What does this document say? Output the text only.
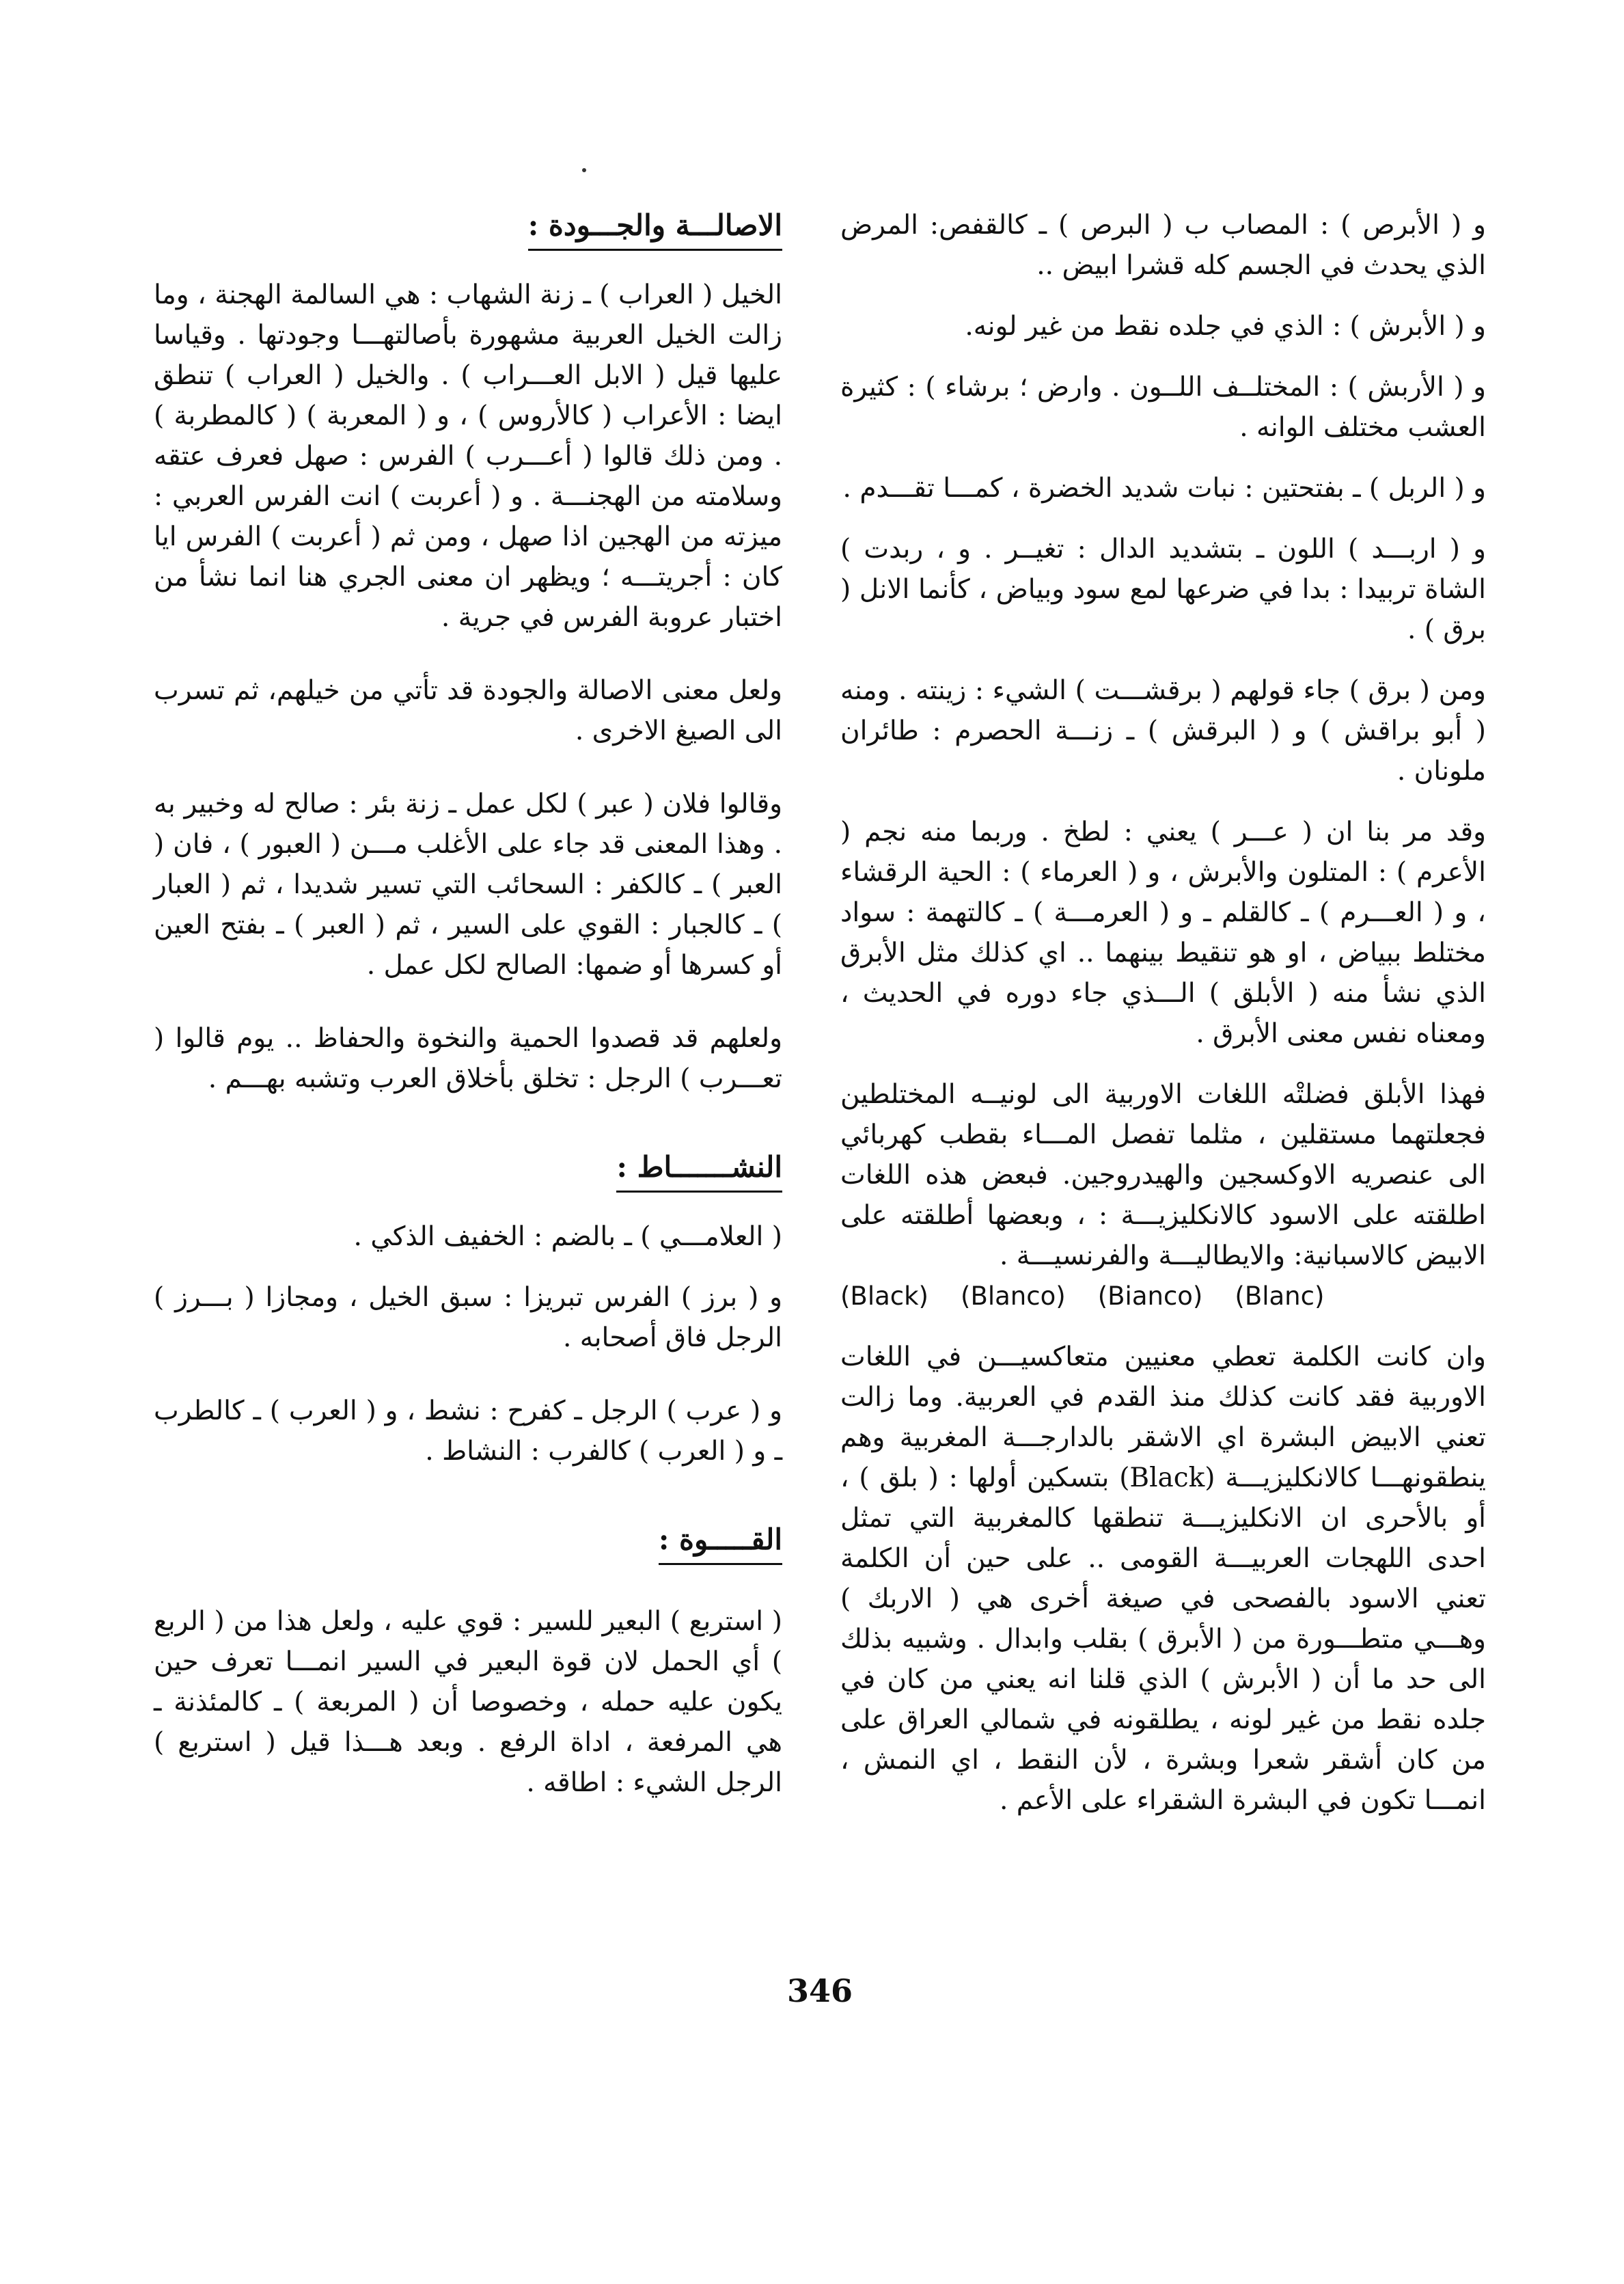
و ( الأبرص ) : المصاب ب ( البرص ) ـ كالقفص: المرض الذي يحدث في الجسم كله قشرا ابيض ..

و ( الأبرش ) : الذي في جلده نقط من غير لونه.

و ( الأربش ) : المختلــف اللــون . وارض ؛ برشاء ) : كثيرة العشب مختلف الوانه .

و ( الربل ) ـ بفتحتين : نبات شديد الخضرة ، كمـــا تقـــدم .

و ( اربـــد ) اللون ـ بتشديد الدال : تغيــر . و ، ربدت ) الشاة تربيدا : بدا في ضرعها لمع سود وبياض ، كأنما الانل ( برق ) .

ومن ( برق ) جاء قولهم ( برقشـــت ) الشيء : زينته . ومنه ( أبو براقش ) و ( البرقش ) ـ زنـــة الحصرم : طائران ملونان .

وقد مر بنا ان ( عـــر ) يعني : لطخ . وربما منه نجم ( الأعرم ) : المتلون والأبرش ، و ( العرماء ) : الحية الرقشاء ، و ( العـــرم ) ـ كالقلم ـ و ( العرمـــة ) ـ كالتهمة : سواد مختلط ببياض ، او هو تنقيط بينهما .. اي كذلك مثل الأبرق الذي نشأ منه ( الأبلق ) الـــذي جاء دوره في الحديث ، ومعناه نفس معنى الأبرق .

فهذا الأبلق فضلتْه اللغات الاوربية الى لونيــه المختلطين فجعلتهما مستقلين ، مثلما تفصل المـــاء بقطب كهربائي الى عنصريه الاوكسجين والهيدروجين. فبعض هذه اللغات اطلقته على الاسود كالانكليزيـــة : ، وبعضها أطلقته على الابيض كالاسبانية: والايطاليـــة والفرنسيـــة .

(Black) (Blanco) (Bianco) (Blanc)

وان كانت الكلمة تعطي معنيين متعاكسيـــن في اللغات الاوربية فقد كانت كذلك منذ القدم في العربية. وما زالت تعني الابيض البشرة اي الاشقر بالدارجـــة المغربية وهم ينطقونهـــا كالانكليزيـــة (Black) بتسكين أولها : ( بلق ) ، أو بالأحرى ان الانكليزيـــة تنطقها كالمغربية التي تمثل احدى اللهجات العربيـــة القومى .. على حين أن الكلمة تعني الاسود بالفصحى في صيغة أخرى هي ( الاربك ) وهـــي متطـــورة من ( الأبرق ) بقلب وابدال . وشبيه بذلك الى حد ما أن ( الأبرش ) الذي قلنا انه يعني من كان في جلده نقط من غير لونه ، يطلقونه في شمالي العراق على من كان أشقر شعرا وبشرة ، لأن النقط ، اي النمش ، انمـــا تكون في البشرة الشقراء على الأعم .

الاصالـــة والجـــودة :

الخيل ( العراب ) ـ زنة الشهاب : هي السالمة الهجنة ، وما زالت الخيل العربية مشهورة بأصالتهـــا وجودتها . وقياسا عليها قيل ( الابل العـــراب ) . والخيل ( العراب ) تنطق ايضا : الأعراب ( كالأروس ) ، و ( المعربة ) ( كالمطربة ) . ومن ذلك قالوا ( أعـــرب ) الفرس : صهل فعرف عتقه وسلامته من الهجنـــة . و ( أعربت ) انت الفرس العربي : ميزته من الهجين اذا صهل ، ومن ثم ( أعربت ) الفرس ايا كان : أجريتـــه ؛ ويظهر ان معنى الجري هنا انما نشأ من اختبار عروبة الفرس في جرية .

ولعل معنى الاصالة والجودة قد تأتي من خيلهم، ثم تسرب الى الصيغ الاخرى .

وقالوا فلان ( عبر ) لكل عمل ـ زنة بئر : صالح له وخبير به . وهذا المعنى قد جاء على الأغلب مـــن ( العبور ) ، فان ( العبر ) ـ كالكفر : السحائب التي تسير شديدا ، ثم ( العبار ) ـ كالجبار : القوي على السير ، ثم ( العبر ) ـ بفتح العين أو كسرها أو ضمها: الصالح لكل عمل .

ولعلهم قد قصدوا الحمية والنخوة والحفاظ .. يوم قالوا ( تعـــرب ) الرجل : تخلق بأخلاق العرب وتشبه بهـــم .

النشـــــــاط :

( العلامـــي ) ـ بالضم : الخفيف الذكي .

و ( برز ) الفرس تبريزا : سبق الخيل ، ومجازا ( بـــرز ) الرجل فاق أصحابه .

و ( عرب ) الرجل ـ كفرح : نشط ، و ( العرب ) ـ كالطرب ـ و ( العرب ) كالفرب : النشاط .

القـــــوة :

( استربع ) البعير للسير : قوي عليه ، ولعل هذا من ( الربع ) أي الحمل لان قوة البعير في السير انمـــا تعرف حين يكون عليه حمله ، وخصوصا أن ( المربعة ) ـ كالمئذنة ـ هي المرفعة ، اداة الرفع . وبعد هـــذا قيل ( استربع ) الرجل الشيء : اطاقه .

346
